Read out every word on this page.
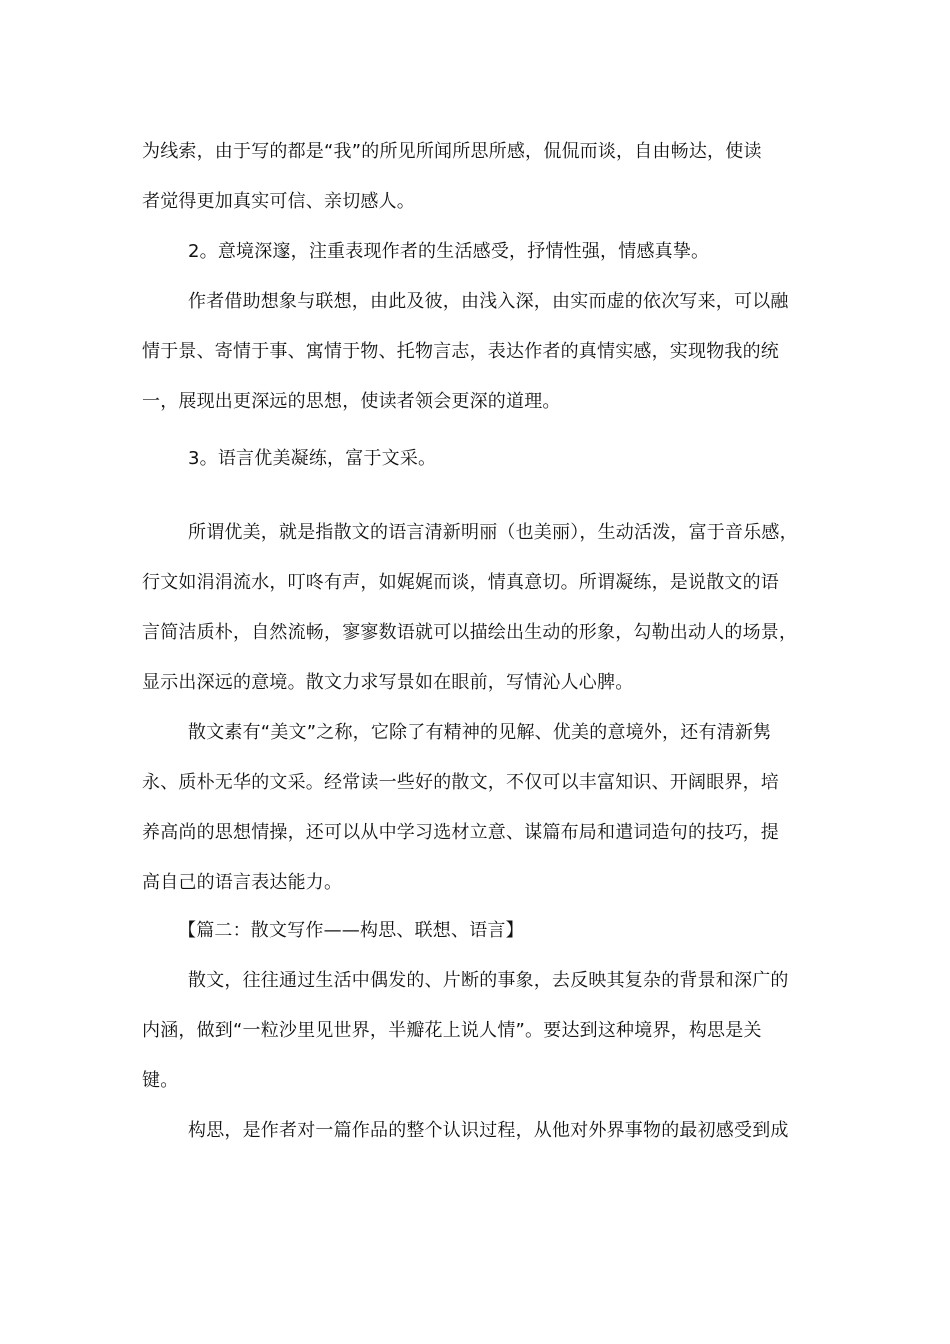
为线索，由于写的都是“我”的所见所闻所思所感，侃侃而谈，自由畅达，使读
者觉得更加真实可信、亲切感人。
2。意境深邃，注重表现作者的生活感受，抒情性强，情感真挚。
作者借助想象与联想，由此及彼，由浅入深，由实而虚的依次写来，可以融
情于景、寄情于事、寓情于物、托物言志，表达作者的真情实感，实现物我的统
一，展现出更深远的思想，使读者领会更深的道理。
3。语言优美凝练，富于文采。
所谓优美，就是指散文的语言清新明丽（也美丽），生动活泼，富于音乐感，
行文如涓涓流水，叮咚有声，如娓娓而谈，情真意切。所谓凝练，是说散文的语
言简洁质朴，自然流畅，寥寥数语就可以描绘出生动的形象，勾勒出动人的场景，
显示出深远的意境。散文力求写景如在眼前，写情沁人心脾。
散文素有“美文”之称，它除了有精神的见解、优美的意境外，还有清新隽
永、质朴无华的文采。经常读一些好的散文，不仅可以丰富知识、开阔眼界，培
养高尚的思想情操，还可以从中学习选材立意、谋篇布局和遣词造句的技巧，提
高自己的语言表达能力。
【篇二：散文写作——构思、联想、语言】
散文，往往通过生活中偶发的、片断的事象，去反映其复杂的背景和深广的
内涵，做到“一粒沙里见世界，半瓣花上说人情”。要达到这种境界，构思是关
键。
构思，是作者对一篇作品的整个认识过程，从他对外界事物的最初感受到成
